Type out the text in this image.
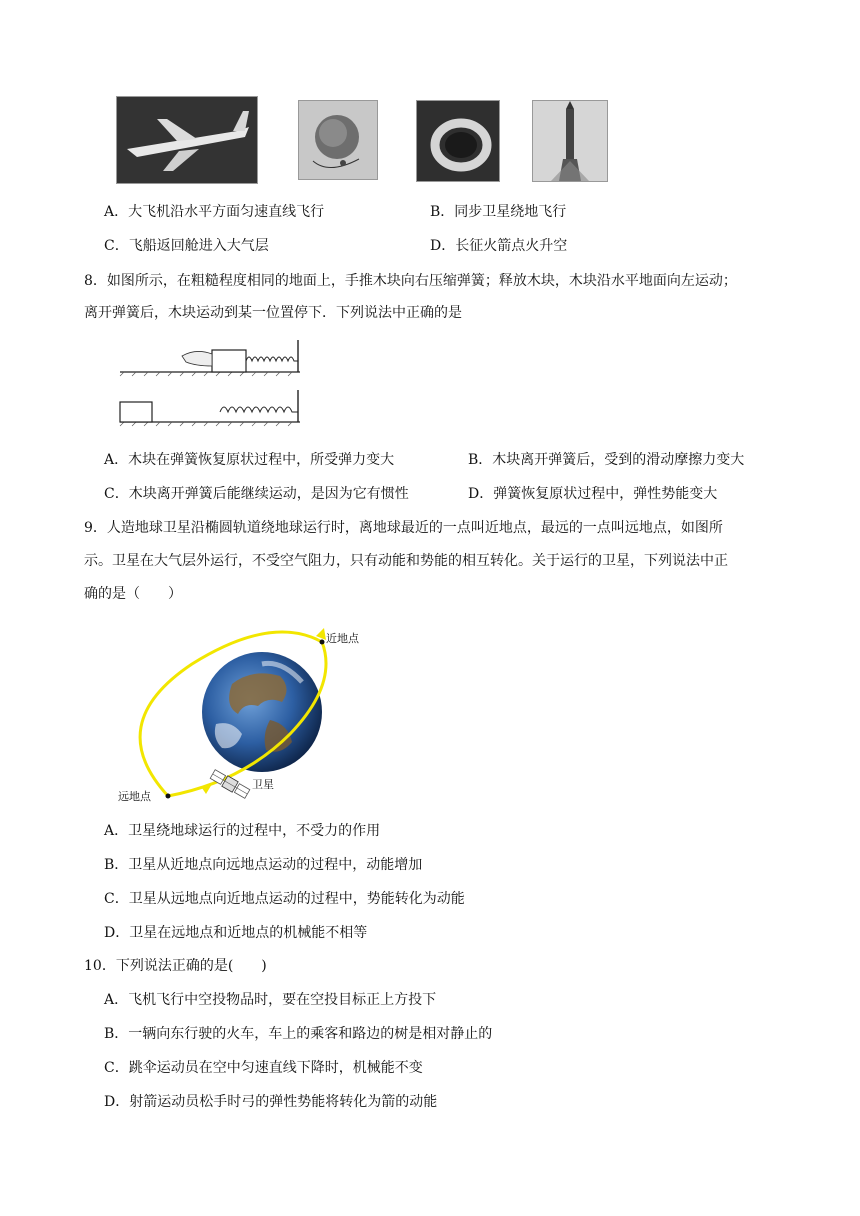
A．大飞机沿水平方面匀速直线飞行	B．同步卫星绕地飞行
C．飞船返回舱进入大气层	D．长征火箭点火升空
8．如图所示，在粗糙程度相同的地面上，手推木块向右压缩弹簧；释放木块，木块沿水平地面向左运动；
离开弹簧后，木块运动到某一位置停下．下列说法中正确的是
A．木块在弹簧恢复原状过程中，所受弹力变大	B．木块离开弹簧后，受到的滑动摩擦力变大
C．木块离开弹簧后能继续运动，是因为它有惯性	D．弹簧恢复原状过程中，弹性势能变大
9．人造地球卫星沿椭圆轨道绕地球运行时，离地球最近的一点叫近地点，最远的一点叫远地点，如图所
示。卫星在大气层外运行，不受空气阻力，只有动能和势能的相互转化。关于运行的卫星，下列说法中正
确的是（　　）
近地点
远地点
卫星
A．卫星绕地球运行的过程中，不受力的作用
B．卫星从近地点向远地点运动的过程中，动能增加
C．卫星从远地点向近地点运动的过程中，势能转化为动能
D．卫星在远地点和近地点的机械能不相等
10．下列说法正确的是(　　)
A．飞机飞行中空投物品时，要在空投目标正上方投下
B．一辆向东行驶的火车，车上的乘客和路边的树是相对静止的
C．跳伞运动员在空中匀速直线下降时，机械能不变
D．射箭运动员松手时弓的弹性势能将转化为箭的动能
